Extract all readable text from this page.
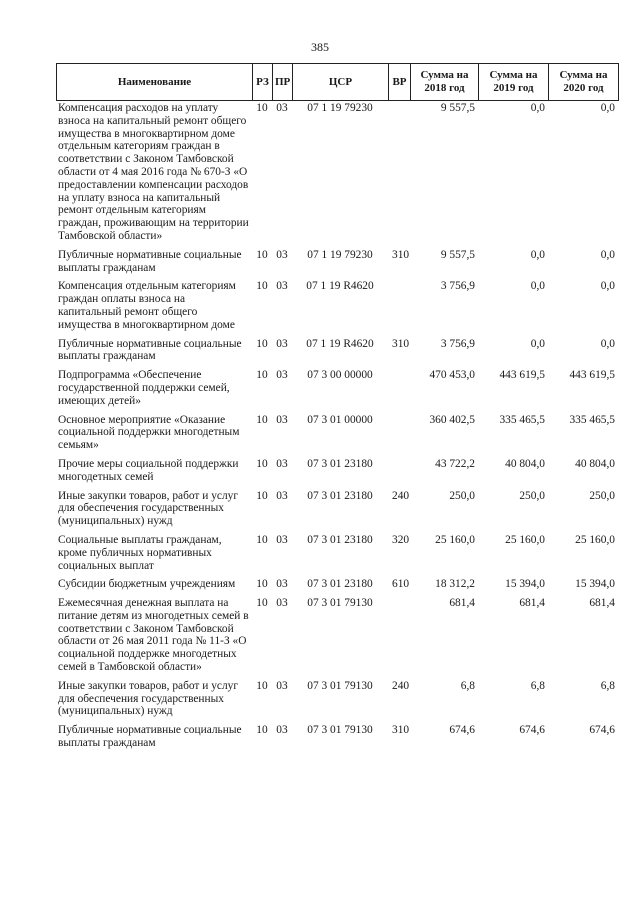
385
Наименование	РЗ	ПР	ЦСР	ВР	Сумма на 2018 год	Сумма на 2019 год	Сумма на 2020 год
Компенсация расходов на уплату взноса на капитальный ремонт общего имущества в многоквартирном доме отдельным категориям граждан в соответствии с Законом Тамбовской области от 4 мая 2016 года № 670-З «О предоставлении компенсации расходов на уплату взноса на капитальный ремонт отдельным категориям граждан, проживающим на территории Тамбовской области»	10	03	07 1 19 79230		9 557,5	0,0	0,0
Публичные нормативные социальные выплаты гражданам	10	03	07 1 19 79230	310	9 557,5	0,0	0,0
Компенсация отдельным категориям граждан оплаты взноса на капитальный ремонт общего имущества в многоквартирном доме	10	03	07 1 19 R4620		3 756,9	0,0	0,0
Публичные нормативные социальные выплаты гражданам	10	03	07 1 19 R4620	310	3 756,9	0,0	0,0
Подпрограмма «Обеспечение государственной поддержки семей, имеющих детей»	10	03	07 3 00 00000		470 453,0	443 619,5	443 619,5
Основное мероприятие «Оказание социальной поддержки многодетным семьям»	10	03	07 3 01 00000		360 402,5	335 465,5	335 465,5
Прочие меры социальной поддержки многодетных семей	10	03	07 3 01 23180		43 722,2	40 804,0	40 804,0
Иные закупки товаров, работ и услуг для обеспечения государственных (муниципальных) нужд	10	03	07 3 01 23180	240	250,0	250,0	250,0
Социальные выплаты гражданам, кроме публичных нормативных социальных выплат	10	03	07 3 01 23180	320	25 160,0	25 160,0	25 160,0
Субсидии бюджетным учреждениям	10	03	07 3 01 23180	610	18 312,2	15 394,0	15 394,0
Ежемесячная денежная выплата на питание детям из многодетных семей в соответствии с Законом Тамбовской области от 26 мая 2011 года № 11-З «О социальной поддержке многодетных семей в Тамбовской области»	10	03	07 3 01 79130		681,4	681,4	681,4
Иные закупки товаров, работ и услуг для обеспечения государственных (муниципальных) нужд	10	03	07 3 01 79130	240	6,8	6,8	6,8
Публичные нормативные социальные выплаты гражданам	10	03	07 3 01 79130	310	674,6	674,6	674,6
